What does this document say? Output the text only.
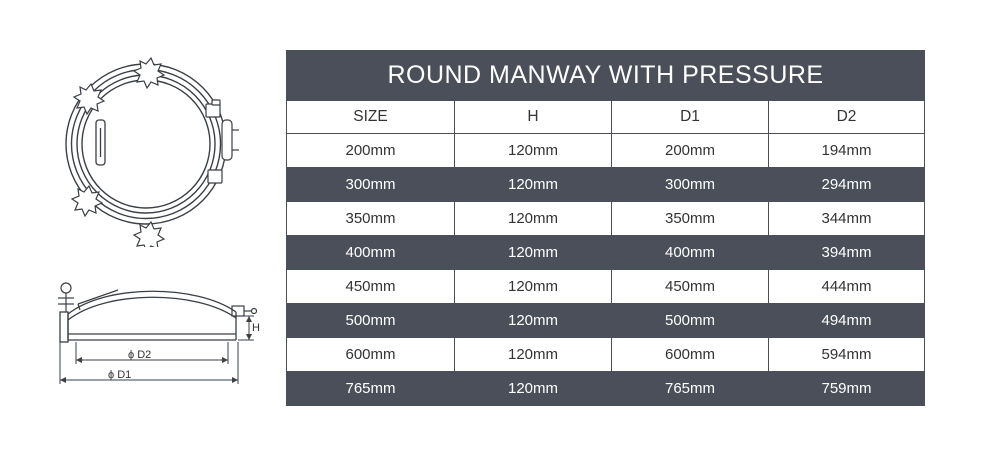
H
ϕ D2
ϕ D1
ROUND MANWAY WITH PRESSURE			
SIZE	H	D1	D2
200mm	120mm	200mm	194mm
300mm	120mm	300mm	294mm
350mm	120mm	350mm	344mm
400mm	120mm	400mm	394mm
450mm	120mm	450mm	444mm
500mm	120mm	500mm	494mm
600mm	120mm	600mm	594mm
765mm	120mm	765mm	759mm
